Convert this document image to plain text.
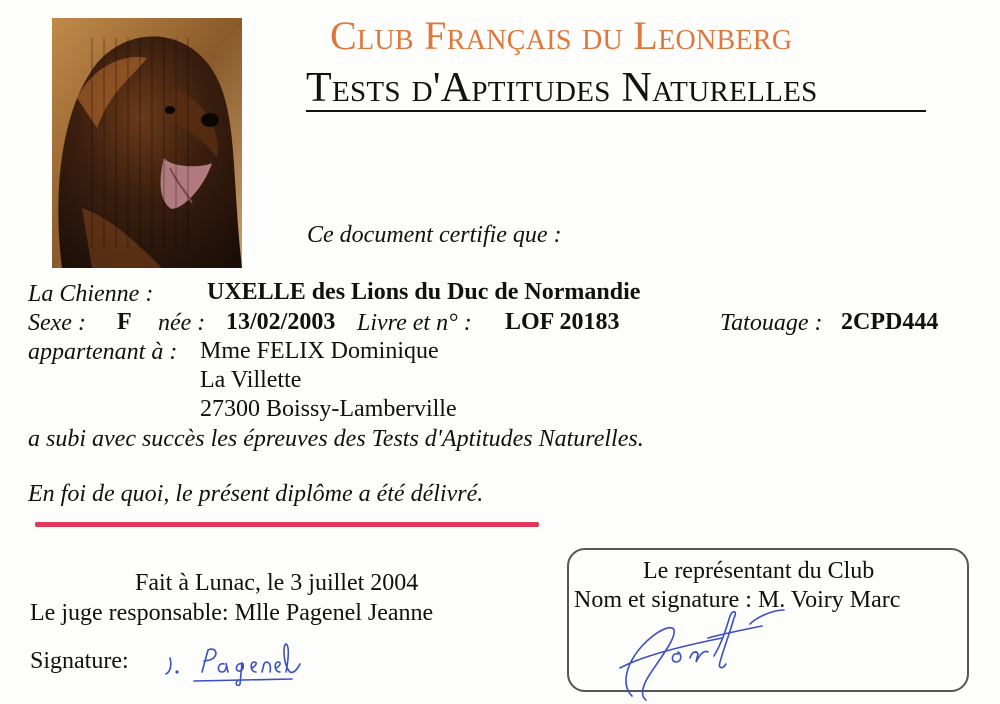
Club Français du Leonberg
Tests d'Aptitudes Naturelles
Ce document certifie que :
La Chienne : UXELLE des Lions du Duc de Normandie
Sexe : F née : 13/02/2003 Livre et n° : LOF 20183	Tatouage : 2CPD444
appartenant à : Mme FELIX Dominique
La Villette
27300 Boissy-Lamberville
a subi avec succès les épreuves des Tests d'Aptitudes Naturelles.
En foi de quoi, le présent diplôme a été délivré.
Fait à Lunac, le 3 juillet 2004
Le juge responsable: Mlle Pagenel Jeanne
Signature:
Le représentant du Club
Nom et signature : M. Voiry Marc
